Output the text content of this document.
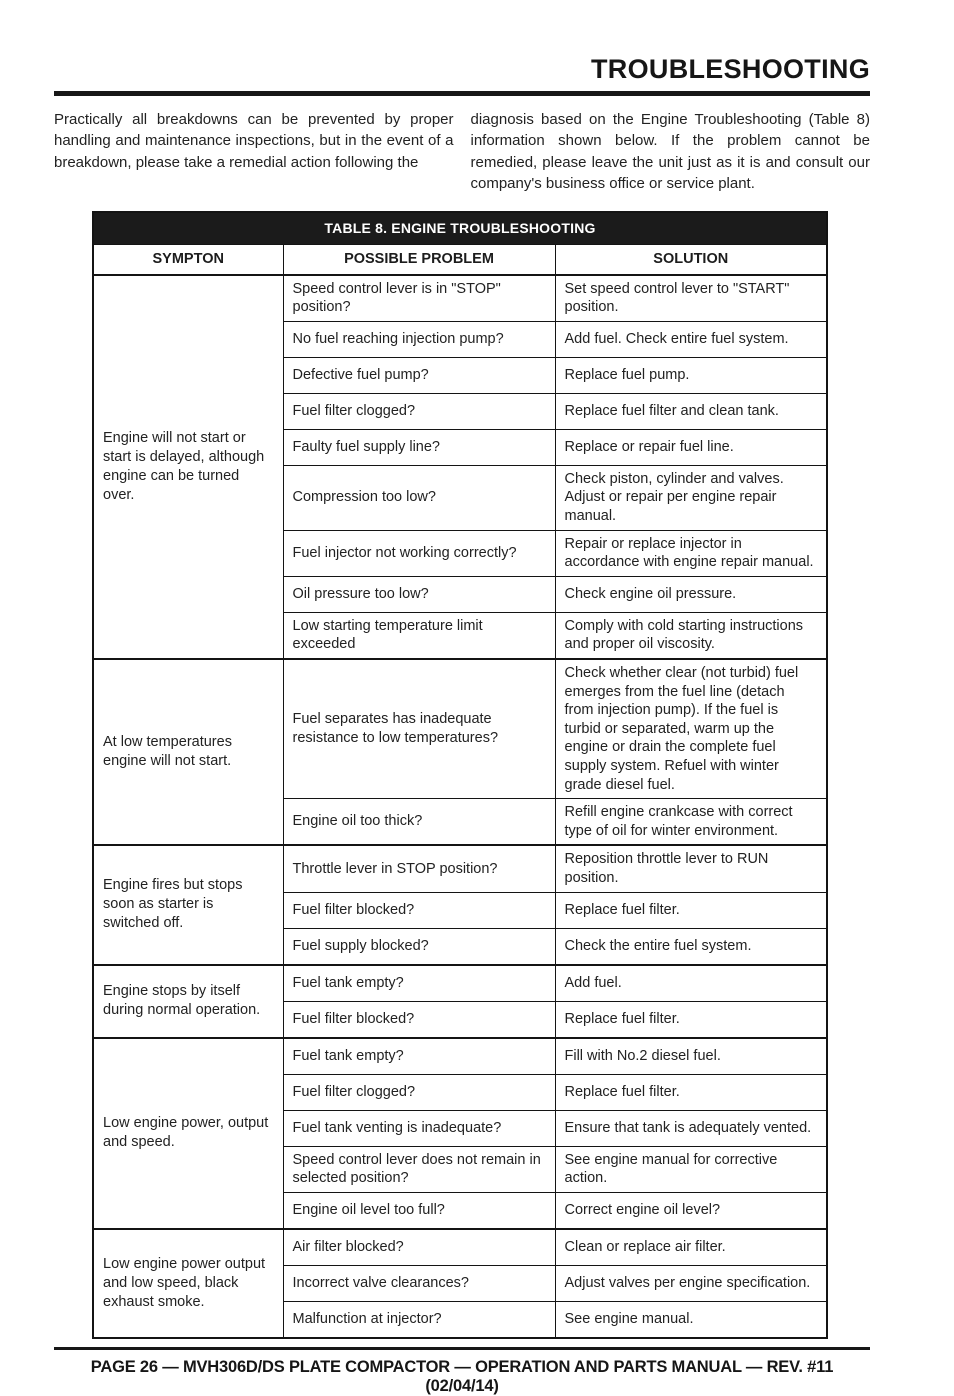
TROUBLESHOOTING
Practically all breakdowns can be prevented by proper handling and maintenance inspections, but in the event of a breakdown, please take a remedial action following the
diagnosis based on the Engine Troubleshooting (Table 8) information shown below. If the problem cannot be remedied, please leave the unit just as it is and consult our company's business office or service plant.
TABLE 8. ENGINE TROUBLESHOOTING		
SYMPTON	POSSIBLE PROBLEM	SOLUTION
Engine will not start or start is delayed, although engine can be turned over.	Speed control lever is in "STOP" position?	Set speed control lever to "START" position.
	No fuel reaching injection pump?	Add fuel. Check entire fuel system.
	Defective fuel pump?	Replace fuel pump.
	Fuel filter clogged?	Replace fuel filter and clean tank.
	Faulty fuel supply line?	Replace or repair fuel line.
	Compression too low?	Check piston, cylinder and valves. Adjust or repair per engine repair manual.
	Fuel injector not working correctly?	Repair or replace injector in accordance with engine repair manual.
	Oil pressure too low?	Check engine oil pressure.
	Low starting temperature limit exceeded	Comply with cold starting instructions and proper oil viscosity.
At low temperatures engine will not start.	Fuel separates has inadequate resistance to low temperatures?	Check whether clear (not turbid) fuel emerges from the fuel line (detach from injection pump). If the fuel is turbid or separated, warm up the engine or drain the complete fuel supply system. Refuel with winter grade diesel fuel.
	Engine oil too thick?	Refill engine crankcase with correct type of oil for winter environment.
Engine fires but stops soon as starter is switched off.	Throttle lever in STOP position?	Reposition throttle lever to RUN position.
	Fuel filter blocked?	Replace fuel filter.
	Fuel supply blocked?	Check the entire fuel system.
Engine stops by itself during normal operation.	Fuel tank empty?	Add fuel.
	Fuel filter blocked?	Replace fuel filter.
Low engine power, output and speed.	Fuel tank empty?	Fill with No.2 diesel fuel.
	Fuel filter clogged?	Replace fuel filter.
	Fuel tank venting is inadequate?	Ensure that tank is adequately vented.
	Speed control lever does not remain in selected position?	See engine manual for corrective action.
	Engine oil level too full?	Correct engine oil level?
Low engine power output and low speed, black exhaust smoke.	Air filter blocked?	Clean or replace air filter.
	Incorrect valve clearances?	Adjust valves per engine specification.
	Malfunction at injector?	See engine manual.
PAGE 26 — MVH306D/DS PLATE COMPACTOR — OPERATION AND PARTS MANUAL — REV. #11 (02/04/14)
